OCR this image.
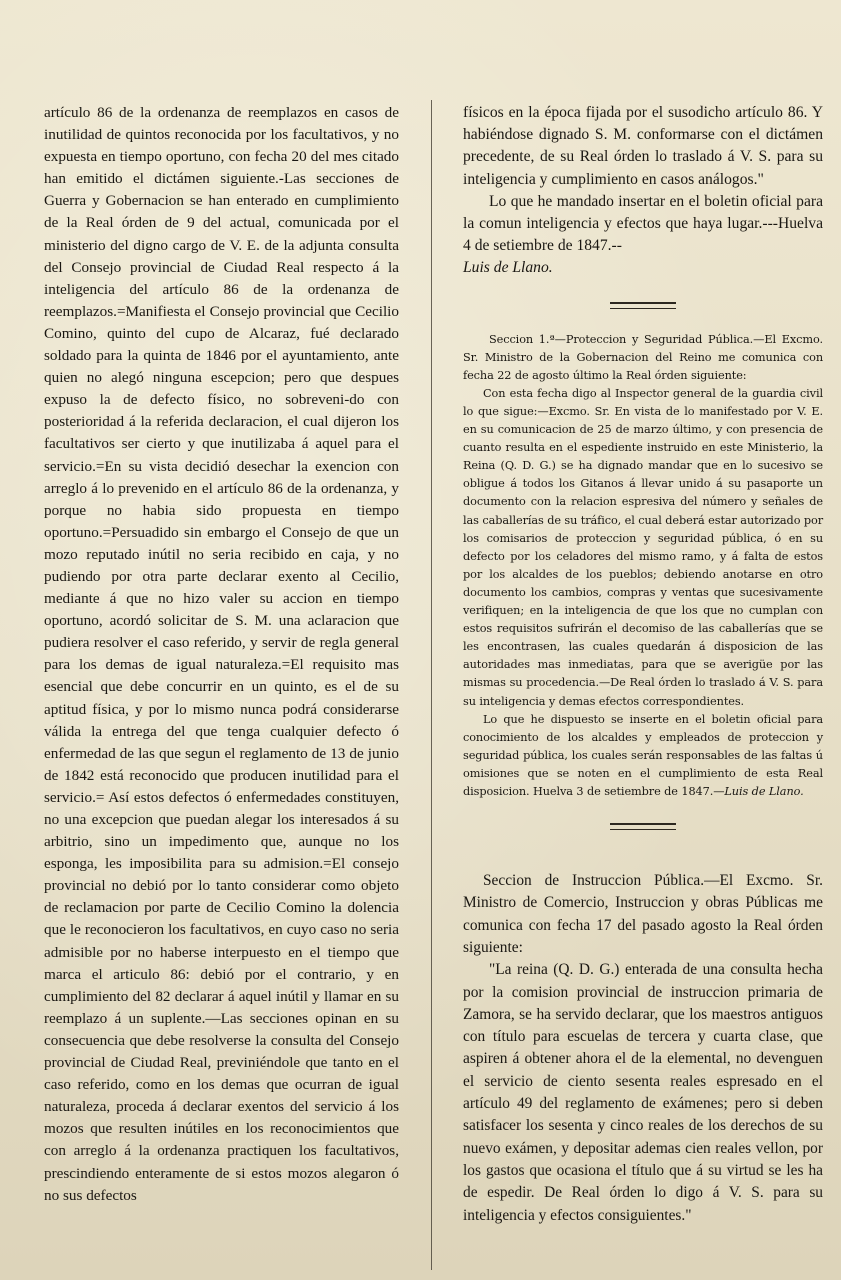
artículo 86 de la ordenanza de reemplazos en casos de inutilidad de quintos reconocida por los facultativos, y no expuesta en tiempo oportuno, con fecha 20 del mes citado han emitido el dictámen siguiente.-Las secciones de Guerra y Gobernacion se han enterado en cumplimiento de la Real órden de 9 del actual, comunicada por el ministerio del digno cargo de V. E. de la adjunta consulta del Consejo provincial de Ciudad Real respecto á la inteligencia del artículo 86 de la ordenanza de reemplazos.=Manifiesta el Consejo provincial que Cecilio Comino, quinto del cupo de Alcaraz, fué declarado soldado para la quinta de 1846 por el ayuntamiento, ante quien no alegó ninguna escepcion; pero que despues expuso la de defecto físico, no sobreveni-do con posterioridad á la referida declaracion, el cual dijeron los facultativos ser cierto y que inutilizaba á aquel para el servicio.=En su vista decidió desechar la exencion con arreglo á lo prevenido en el artículo 86 de la ordenanza, y porque no habia sido propuesta en tiempo oportuno.=Persuadido sin embargo el Consejo de que un mozo reputado inútil no seria recibido en caja, y no pudiendo por otra parte declarar exento al Cecilio, mediante á que no hizo valer su accion en tiempo oportuno, acordó solicitar de S. M. una aclaracion que pudiera resolver el caso referido, y servir de regla general para los demas de igual naturaleza.=El requisito mas esencial que debe concurrir en un quinto, es el de su aptitud física, y por lo mismo nunca podrá considerarse válida la entrega del que tenga cualquier defecto ó enfermedad de las que segun el reglamento de 13 de junio de 1842 está reconocido que producen inutilidad para el servicio.= Así estos defectos ó enfermedades constituyen, no una excepcion que puedan alegar los interesados á su arbitrio, sino un impedimento que, aunque no los esponga, les imposibilita para su admision.=El consejo provincial no debió por lo tanto considerar como objeto de reclamacion por parte de Cecilio Comino la dolencia que le reconocieron los facultativos, en cuyo caso no seria admisible por no haberse interpuesto en el tiempo que marca el articulo 86: debió por el contrario, y en cumplimiento del 82 declarar á aquel inútil y llamar en su reemplazo á un suplente.—Las secciones opinan en su consecuencia que debe resolverse la consulta del Consejo provincial de Ciudad Real, previniéndole que tanto en el caso referido, como en los demas que ocurran de igual naturaleza, proceda á declarar exentos del servicio á los mozos que resulten inútiles en los reconocimientos que con arreglo á la ordenanza practiquen los facultativos, prescindiendo enteramente de si estos mozos alegaron ó no sus defectos

físicos en la época fijada por el susodicho artículo 86. Y habiéndose dignado S. M. conformarse con el dictámen precedente, de su Real órden lo traslado á V. S. para su inteligencia y cumplimiento en casos análogos."

Lo que he mandado insertar en el boletin oficial para la comun inteligencia y efectos que haya lugar.---Huelva 4 de setiembre de 1847.--
Luis de Llano.

Seccion 1.ª—Proteccion y Seguridad Pública.—El Excmo. Sr. Ministro de la Gobernacion del Reino me comunica con fecha 22 de agosto último la Real órden siguiente:

Con esta fecha digo al Inspector general de la guardia civil lo que sigue:—Excmo. Sr. En vista de lo manifestado por V. E. en su comunicacion de 25 de marzo último, y con presencia de cuanto resulta en el espediente instruido en este Ministerio, la Reina (Q. D. G.) se ha dignado mandar que en lo sucesivo se obligue á todos los Gitanos á llevar unido á su pasaporte un documento con la relacion espresiva del número y señales de las caballerías de su tráfico, el cual deberá estar autorizado por los comisarios de proteccion y seguridad pública, ó en su defecto por los celadores del mismo ramo, y á falta de estos por los alcaldes de los pueblos; debiendo anotarse en otro documento los cambios, compras y ventas que sucesivamente verifiquen; en la inteligencia de que los que no cumplan con estos requisitos sufrirán el decomiso de las caballerías que se les encontrasen, las cuales quedarán á disposicion de las autoridades mas inmediatas, para que se averigüe por las mismas su procedencia.—De Real órden lo traslado á V. S. para su inteligencia y demas efectos correspondientes.

Lo que he dispuesto se inserte en el boletin oficial para conocimiento de los alcaldes y empleados de proteccion y seguridad pública, los cuales serán responsables de las faltas ú omisiones que se noten en el cumplimiento de esta Real disposicion. Huelva 3 de setiembre de 1847.—Luis de Llano.

Seccion de Instruccion Pública.—El Excmo. Sr. Ministro de Comercio, Instruccion y obras Públicas me comunica con fecha 17 del pasado agosto la Real órden siguiente:

"La reina (Q. D. G.) enterada de una consulta hecha por la comision provincial de instruccion primaria de Zamora, se ha servido declarar, que los maestros antiguos con título para escuelas de tercera y cuarta clase, que aspiren á obtener ahora el de la elemental, no devenguen el servicio de ciento sesenta reales espresado en el artículo 49 del reglamento de exámenes; pero si deben satisfacer los sesenta y cinco reales de los derechos de su nuevo exámen, y depositar ademas cien reales vellon, por los gastos que ocasiona el título que á su virtud se les ha de espedir. De Real órden lo digo á V. S. para su inteligencia y efectos consiguientes."
